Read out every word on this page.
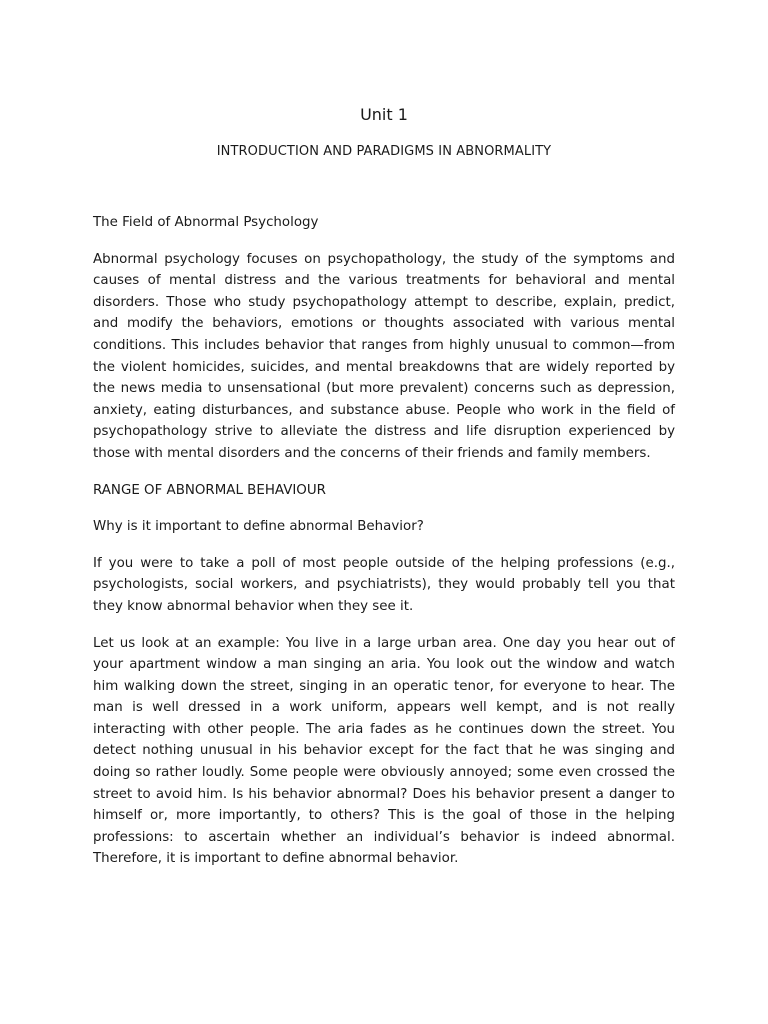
Unit 1
INTRODUCTION AND PARADIGMS IN ABNORMALITY

The Field of Abnormal Psychology

Abnormal psychology focuses on psychopathology, the study of the symptoms and causes of mental distress and the various treatments for behavioral and mental disorders. Those who study psychopathology attempt to describe, explain, predict, and modify the behaviors, emotions or thoughts associated with various mental conditions. This includes behavior that ranges from highly unusual to common—from the violent homicides, suicides, and mental breakdowns that are widely reported by the news media to unsensational (but more prevalent) concerns such as depression, anxiety, eating disturbances, and substance abuse. People who work in the field of psychopathology strive to alleviate the distress and life disruption experienced by those with mental disorders and the concerns of their friends and family members.

RANGE OF ABNORMAL BEHAVIOUR

Why is it important to define abnormal Behavior?

If you were to take a poll of most people outside of the helping professions (e.g., psychologists, social workers, and psychiatrists), they would probably tell you that they know abnormal behavior when they see it.

Let us look at an example: You live in a large urban area. One day you hear out of your apartment window a man singing an aria. You look out the window and watch him walking down the street, singing in an operatic tenor, for everyone to hear. The man is well dressed in a work uniform, appears well kempt, and is not really interacting with other people. The aria fades as he continues down the street. You detect nothing unusual in his behavior except for the fact that he was singing and doing so rather loudly. Some people were obviously annoyed; some even crossed the street to avoid him. Is his behavior abnormal? Does his behavior present a danger to himself or, more importantly, to others? This is the goal of those in the helping professions: to ascertain whether an individual’s behavior is indeed abnormal. Therefore, it is important to define abnormal behavior.
